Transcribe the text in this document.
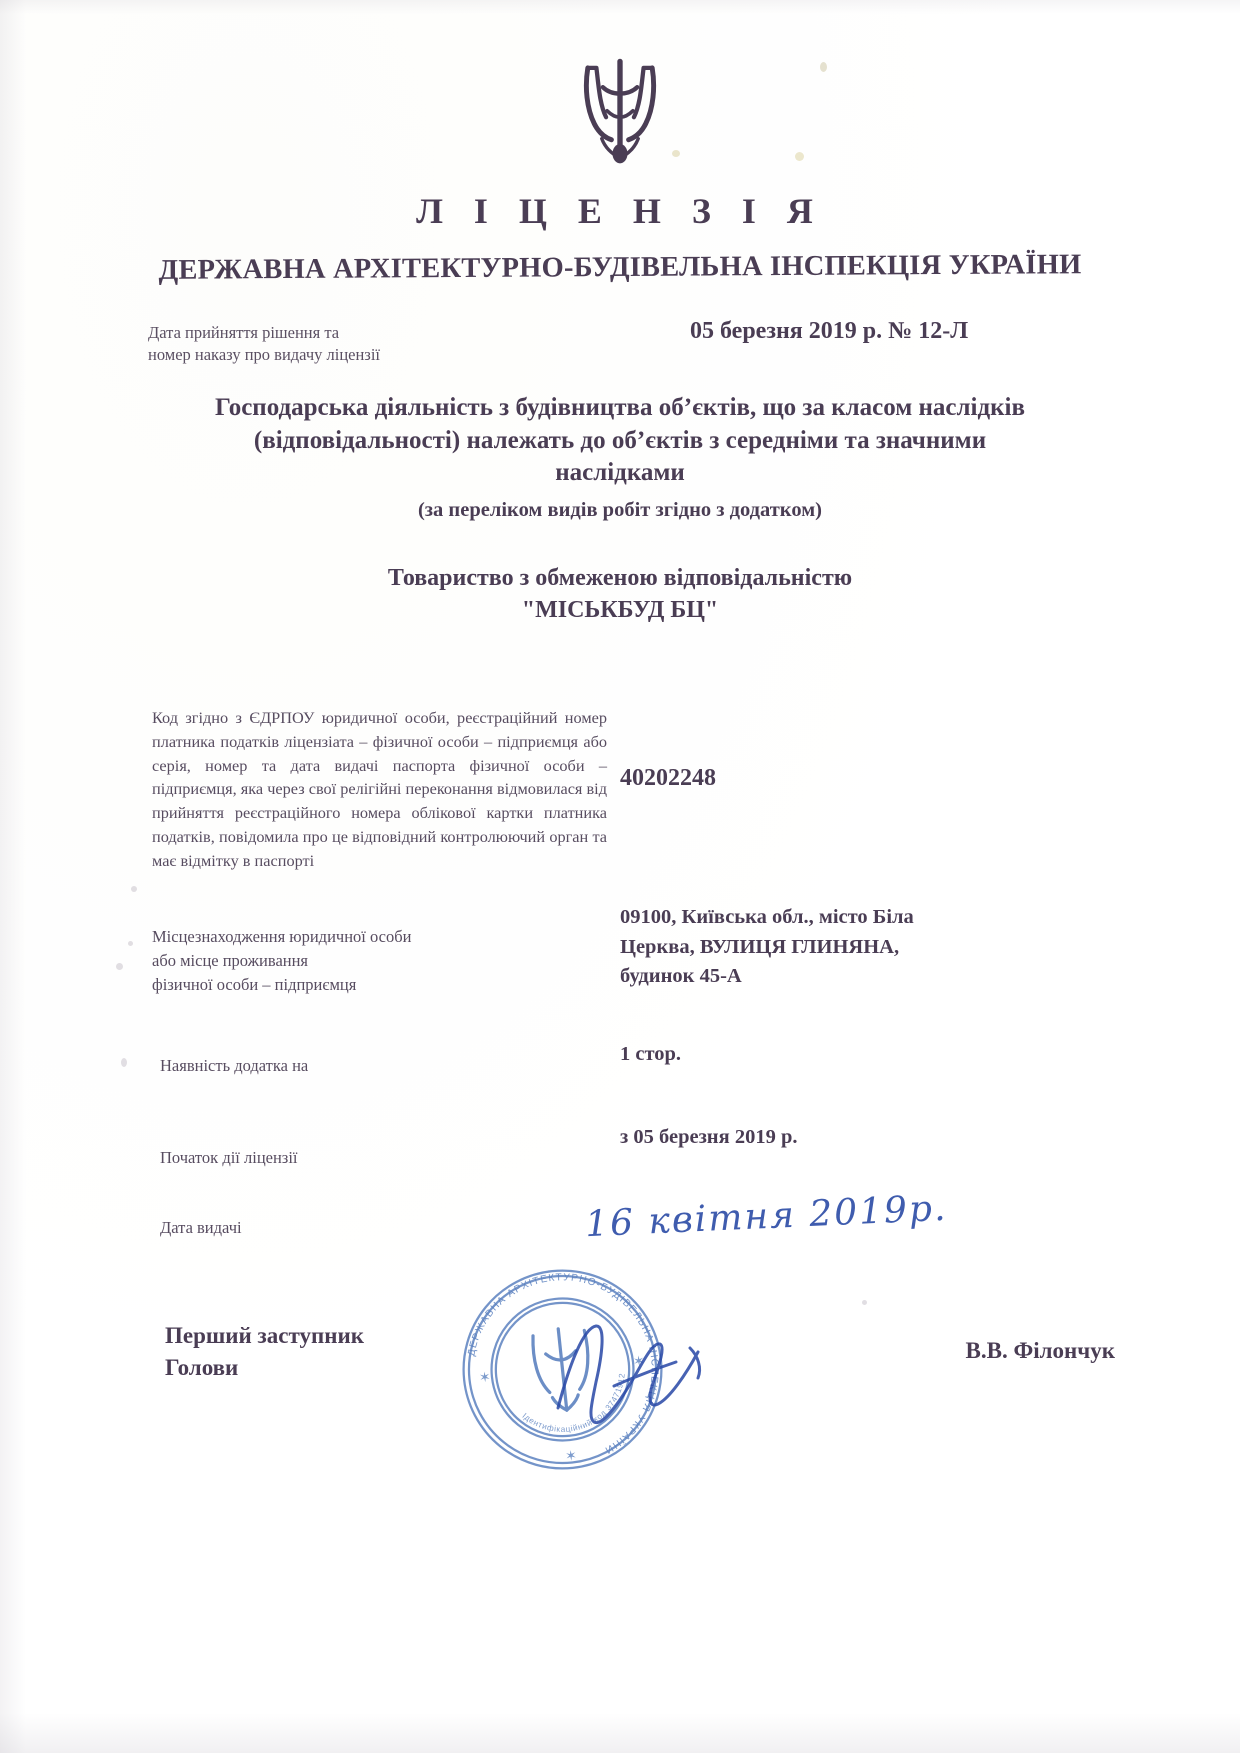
Л І Ц Е Н З І Я
ДЕРЖАВНА АРХІТЕКТУРНО-БУДІВЕЛЬНА ІНСПЕКЦІЯ УКРАЇНИ
Дата прийняття рішення та
номер наказу про видачу ліцензії
05 березня 2019 р. № 12-Л
Господарська діяльність з будівництва об’єктів, що за класом наслідків
(відповідальності) належать до об’єктів з середніми та значними
наслідками
(за переліком видів робіт згідно з додатком)
Товариство з обмеженою відповідальністю
"МІСЬКБУД БЦ"
Код згідно з ЄДРПОУ юридичної особи, реєстраційний номер платника податків ліцензіата – фізичної особи – підприємця або серія, номер та дата видачі паспорта фізичної особи – підприємця, яка через свої релігійні переконання відмовилася від прийняття реєстраційного номера облікової картки платника податків, повідомила про це відповідний контролюючий орган та має відмітку в паспорті
40202248
Місцезнаходження юридичної особи
або місце проживання
фізичної особи – підприємця
09100, Київська обл., місто Біла
Церква, ВУЛИЦЯ ГЛИНЯНА,
будинок 45-А
Наявність додатка на
1 стор.
Початок дії ліцензії
з 05 березня 2019 р.
Дата видачі	16 квітня 2019р.
ДЕРЖАВНА АРХІТЕКТУРНО-БУДІВЕЛЬНА ІНСПЕКЦІЯ УКРАЇНИ
Ідентифікаційний код 37471912
✶
✶
✶
Перший заступник
Голови
В.В. Філончук
